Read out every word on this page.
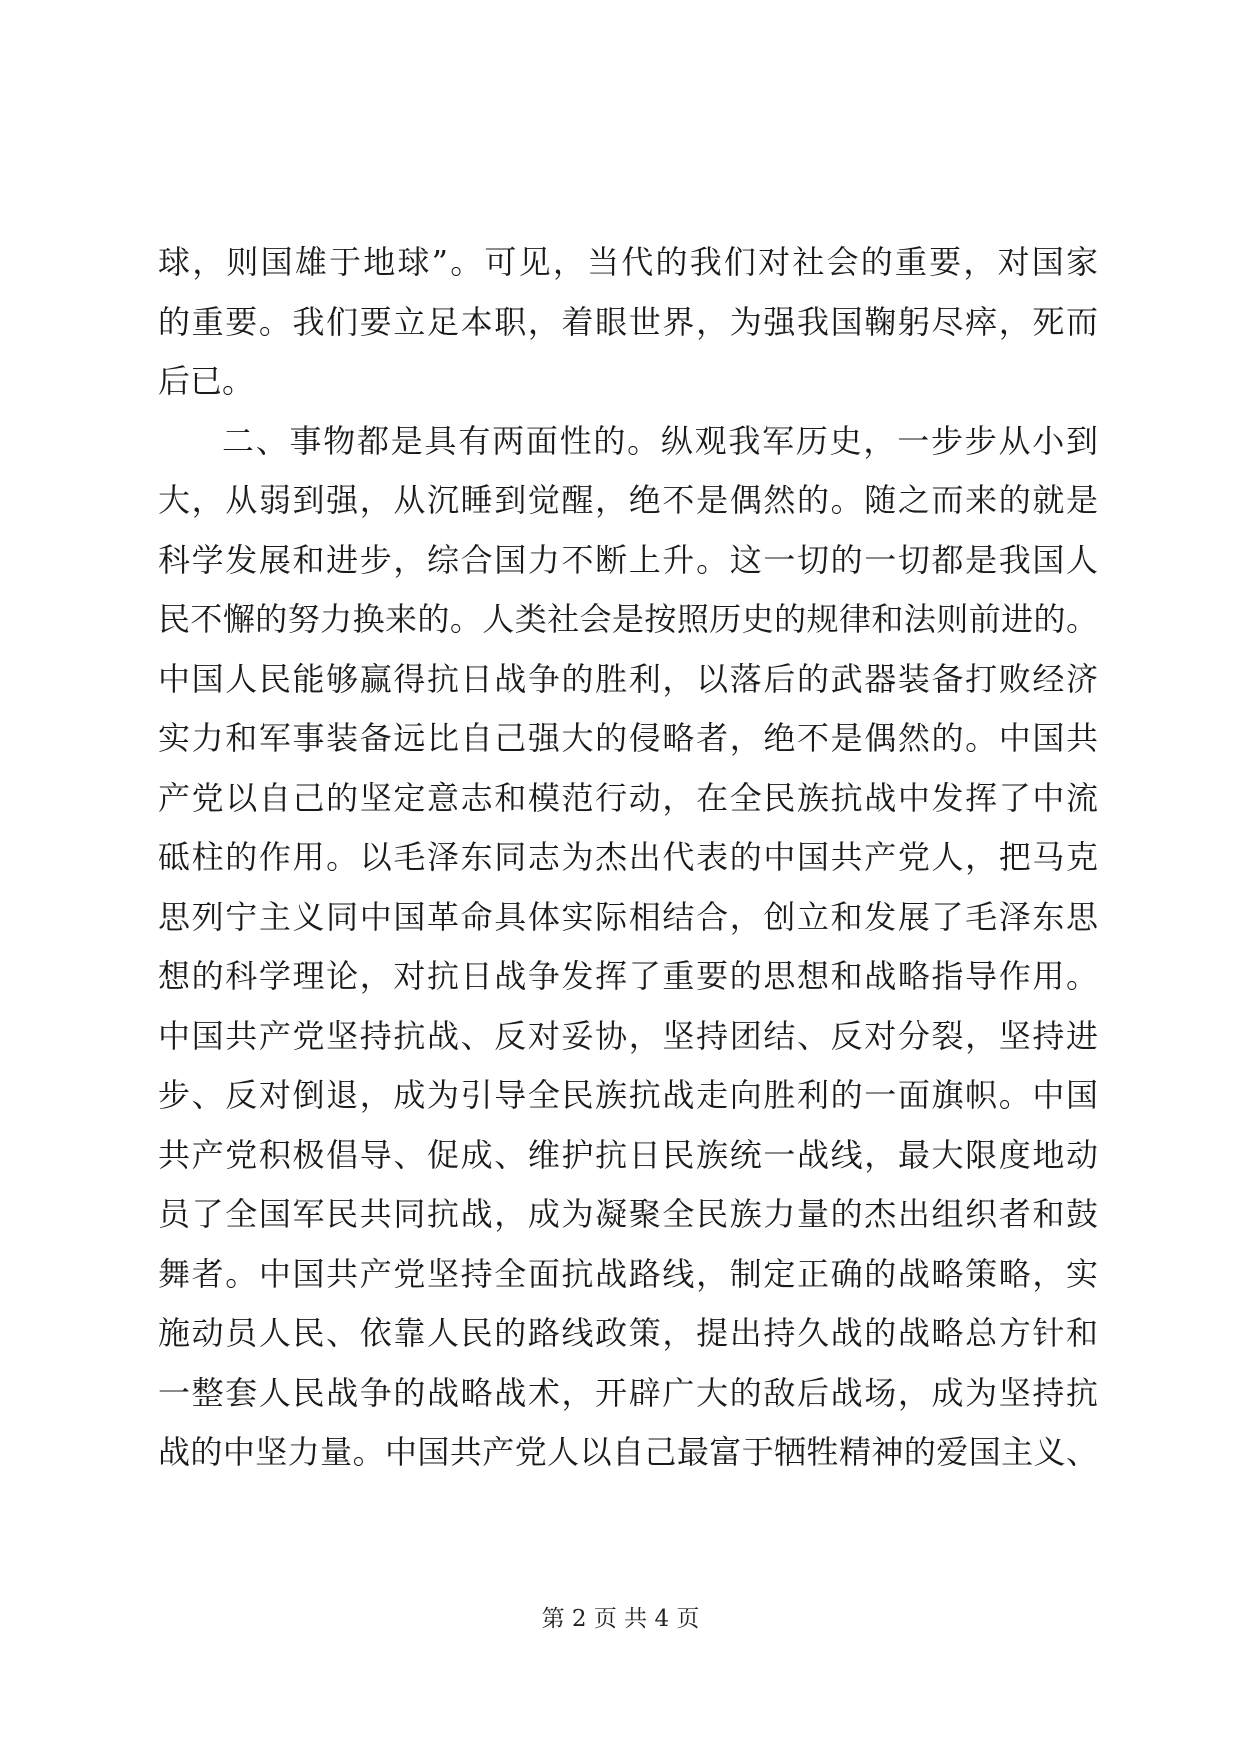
球，则国雄于地球”。可见，当代的我们对社会的重要，对国家
的重要。我们要立足本职，着眼世界，为强我国鞠躬尽瘁，死而
后已。
二、事物都是具有两面性的。纵观我军历史，一步步从小到
大，从弱到强，从沉睡到觉醒，绝不是偶然的。随之而来的就是
科学发展和进步，综合国力不断上升。这一切的一切都是我国人
民不懈的努力换来的。人类社会是按照历史的规律和法则前进的。
中国人民能够赢得抗日战争的胜利，以落后的武器装备打败经济
实力和军事装备远比自己强大的侵略者，绝不是偶然的。中国共
产党以自己的坚定意志和模范行动，在全民族抗战中发挥了中流
砥柱的作用。以毛泽东同志为杰出代表的中国共产党人，把马克
思列宁主义同中国革命具体实际相结合，创立和发展了毛泽东思
想的科学理论，对抗日战争发挥了重要的思想和战略指导作用。
中国共产党坚持抗战、反对妥协，坚持团结、反对分裂，坚持进
步、反对倒退，成为引导全民族抗战走向胜利的一面旗帜。中国
共产党积极倡导、促成、维护抗日民族统一战线，最大限度地动
员了全国军民共同抗战，成为凝聚全民族力量的杰出组织者和鼓
舞者。中国共产党坚持全面抗战路线，制定正确的战略策略，实
施动员人民、依靠人民的路线政策，提出持久战的战略总方针和
一整套人民战争的战略战术，开辟广大的敌后战场，成为坚持抗
战的中坚力量。中国共产党人以自己最富于牺牲精神的爱国主义、
第 2 页 共 4 页
